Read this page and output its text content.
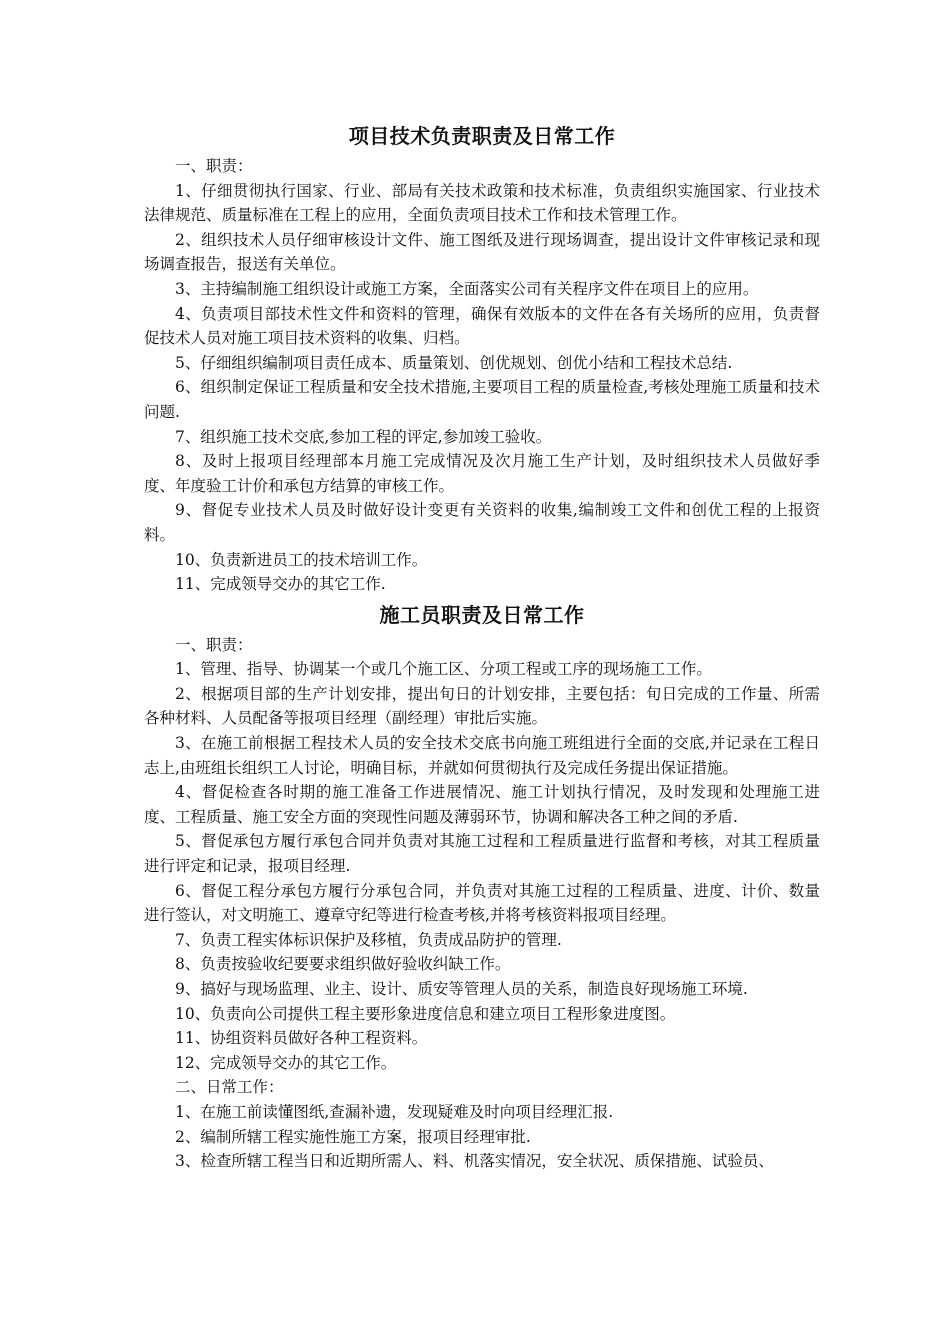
项目技术负责职责及日常工作

一、职责：

1、仔细贯彻执行国家、行业、部局有关技术政策和技术标准，负责组织实施国家、行业技术法律规范、质量标准在工程上的应用，全面负责项目技术工作和技术管理工作。

2、组织技术人员仔细审核设计文件、施工图纸及进行现场调查，提出设计文件审核记录和现场调查报告，报送有关单位。

3、主持编制施工组织设计或施工方案，全面落实公司有关程序文件在项目上的应用。

4、负责项目部技术性文件和资料的管理，确保有效版本的文件在各有关场所的应用，负责督促技术人员对施工项目技术资料的收集、归档。

5、仔细组织编制项目责任成本、质量策划、创优规划、创优小结和工程技术总结.

6、组织制定保证工程质量和安全技术措施,主要项目工程的质量检查,考核处理施工质量和技术问题.

7、组织施工技术交底,参加工程的评定,参加竣工验收。

8、及时上报项目经理部本月施工完成情况及次月施工生产计划，及时组织技术人员做好季度、年度验工计价和承包方结算的审核工作。

9、督促专业技术人员及时做好设计变更有关资料的收集,编制竣工文件和创优工程的上报资料。

10、负责新进员工的技术培训工作。

11、完成领导交办的其它工作.

施工员职责及日常工作

一、职责：

1、管理、指导、协调某一个或几个施工区、分项工程或工序的现场施工工作。

2、根据项目部的生产计划安排，提出旬日的计划安排，主要包括：旬日完成的工作量、所需各种材料、人员配备等报项目经理（副经理）审批后实施。

3、在施工前根据工程技术人员的安全技术交底书向施工班组进行全面的交底,并记录在工程日志上,由班组长组织工人讨论，明确目标，并就如何贯彻执行及完成任务提出保证措施。

4、督促检查各时期的施工准备工作进展情况、施工计划执行情况，及时发现和处理施工进度、工程质量、施工安全方面的突现性问题及薄弱环节，协调和解决各工种之间的矛盾.

5、督促承包方履行承包合同并负责对其施工过程和工程质量进行监督和考核，对其工程质量进行评定和记录，报项目经理.

6、督促工程分承包方履行分承包合同，并负责对其施工过程的工程质量、进度、计价、数量进行签认，对文明施工、遵章守纪等进行检查考核,并将考核资料报项目经理。

7、负责工程实体标识保护及移植，负责成品防护的管理.

8、负责按验收纪要要求组织做好验收纠缺工作。

9、搞好与现场监理、业主、设计、质安等管理人员的关系，制造良好现场施工环境.

10、负责向公司提供工程主要形象进度信息和建立项目工程形象进度图。

11、协组资料员做好各种工程资料。

12、完成领导交办的其它工作。

二、日常工作：

1、在施工前读懂图纸,查漏补遗，发现疑难及时向项目经理汇报.

2、编制所辖工程实施性施工方案，报项目经理审批.

3、检查所辖工程当日和近期所需人、料、机落实情况，安全状况、质保措施、试验员、
